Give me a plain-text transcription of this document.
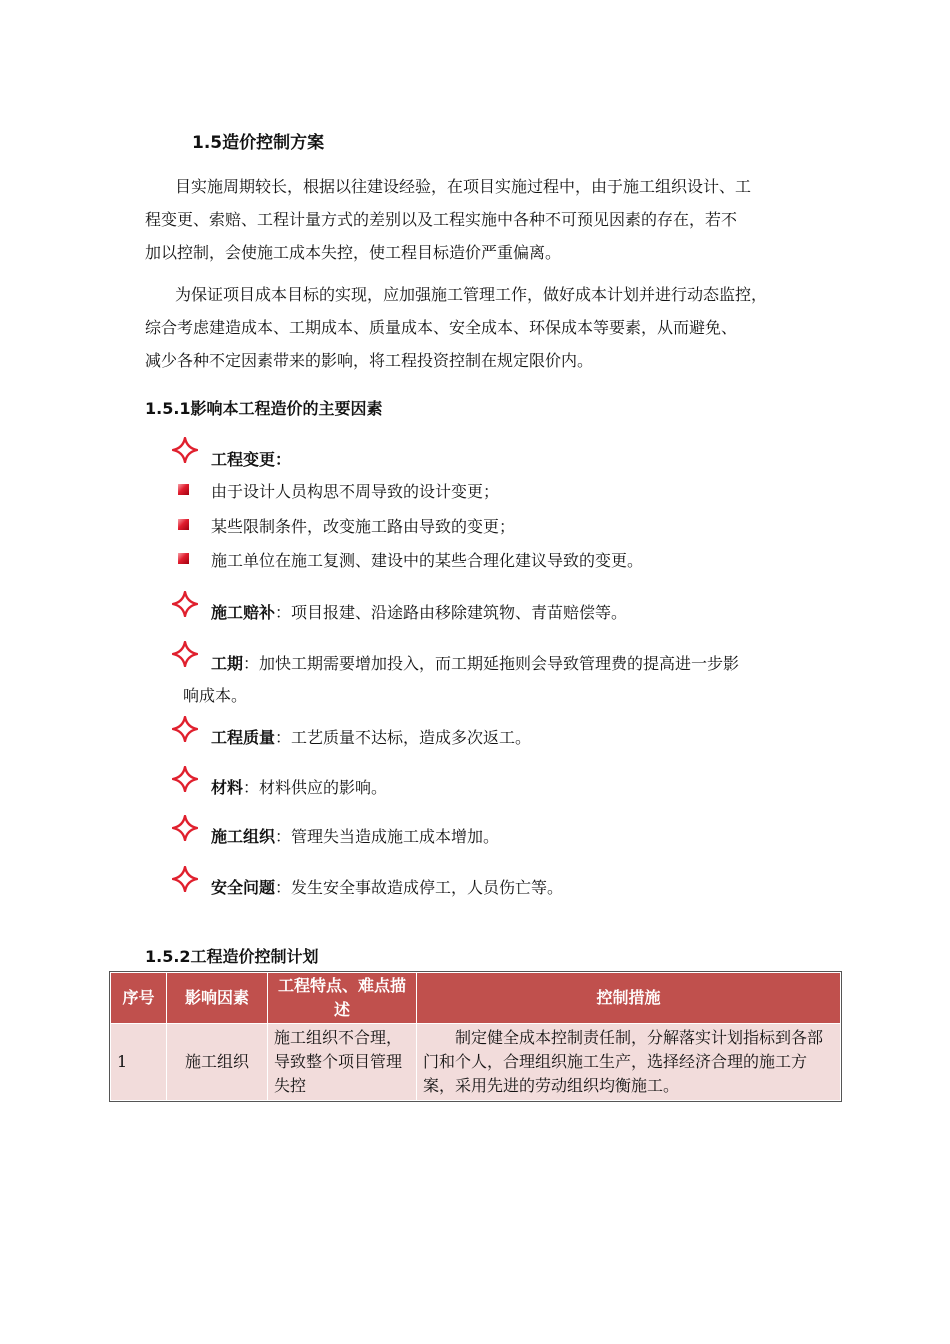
1.5造价控制方案
目实施周期较长，根据以往建设经验，在项目实施过程中，由于施工组织设计、工
程变更、索赔、工程计量方式的差别以及工程实施中各种不可预见因素的存在，若不
加以控制，会使施工成本失控，使工程目标造价严重偏离。
为保证项目成本目标的实现，应加强施工管理工作，做好成本计划并进行动态监控，
综合考虑建造成本、工期成本、质量成本、安全成本、环保成本等要素，从而避免、
减少各种不定因素带来的影响，将工程投资控制在规定限价内。
1.5.1影响本工程造价的主要因素
工程变更：
由于设计人员构思不周导致的设计变更；
某些限制条件，改变施工路由导致的变更；
施工单位在施工复测、建设中的某些合理化建议导致的变更。
施工赔补：项目报建、沿途路由移除建筑物、青苗赔偿等。
工期：加快工期需要增加投入，而工期延拖则会导致管理费的提高进一步影
响成本。
工程质量：工艺质量不达标，造成多次返工。
材料：材料供应的影响。
施工组织：管理失当造成施工成本增加。
安全问题：发生安全事故造成停工，人员伤亡等。
1.5.2工程造价控制计划
序号	影响因素	工程特点、难点描述	控制措施
1	施工组织	施工组织不合理，导致整个项目管理失控	制定健全成本控制责任制，分解落实计划指标到各部门和个人，合理组织施工生产，选择经济合理的施工方案，采用先进的劳动组织均衡施工。
